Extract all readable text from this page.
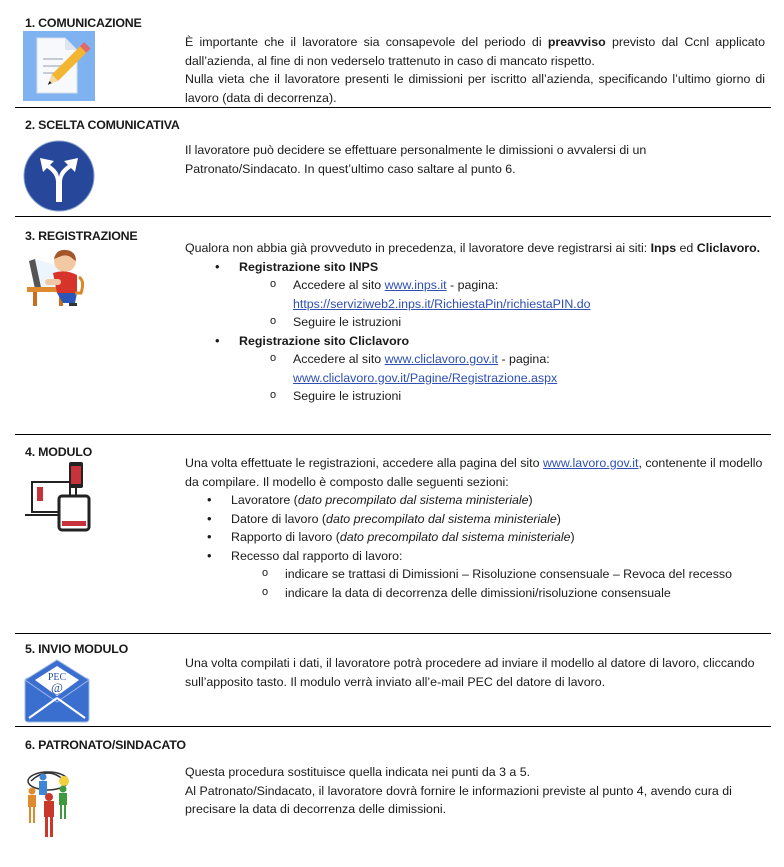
1. COMUNICAZIONE

È importante che il lavoratore sia consapevole del periodo di preavviso previsto dal Ccnl applicato dall’azienda, al fine di non vederselo trattenuto in caso di mancato rispetto.

Nulla vieta che il lavoratore presenti le dimissioni per iscritto all’azienda, specificando l’ultimo giorno di lavoro (data di decorrenza).

2. SCELTA COMUNICATIVA

Il lavoratore può decidere se effettuare personalmente le dimissioni o avvalersi di un Patronato/Sindacato. In quest’ultimo caso saltare al punto 6.

3. REGISTRAZIONE

Qualora non abbia già provveduto in precedenza, il lavoratore deve registrarsi ai siti: Inps ed Cliclavoro.

• Registrazione sito INPS
o Accedere al sito www.inps.it - pagina:
https://serviziweb2.inps.it/RichiestaPin/richiestaPIN.do
o Seguire le istruzioni
• Registrazione sito Cliclavoro
o Accedere al sito www.cliclavoro.gov.it - pagina:
www.cliclavoro.gov.it/Pagine/Registrazione.aspx
o Seguire le istruzioni
4. MODULO

Una volta effettuate le registrazioni, accedere alla pagina del sito www.lavoro.gov.it, contenente il modello da compilare. Il modello è composto dalle seguenti sezioni:

• Lavoratore (dato precompilato dal sistema ministeriale)
• Datore di lavoro (dato precompilato dal sistema ministeriale)
• Rapporto di lavoro (dato precompilato dal sistema ministeriale)
• Recesso dal rapporto di lavoro:
o indicare se trattasi di Dimissioni – Risoluzione consensuale – Revoca del recesso
o indicare la data di decorrenza delle dimissioni/risoluzione consensuale
5. INVIO MODULO
PEC
@

Una volta compilati i dati, il lavoratore potrà procedere ad inviare il modello al datore di lavoro, cliccando sull’apposito tasto. Il modulo verrà inviato all’e-mail PEC del datore di lavoro.

6. PATRONATO/SINDACATO

Questa procedura sostituisce quella indicata nei punti da 3 a 5.

Al Patronato/Sindacato, il lavoratore dovrà fornire le informazioni previste al punto 4, avendo cura di precisare la data di decorrenza delle dimissioni.
